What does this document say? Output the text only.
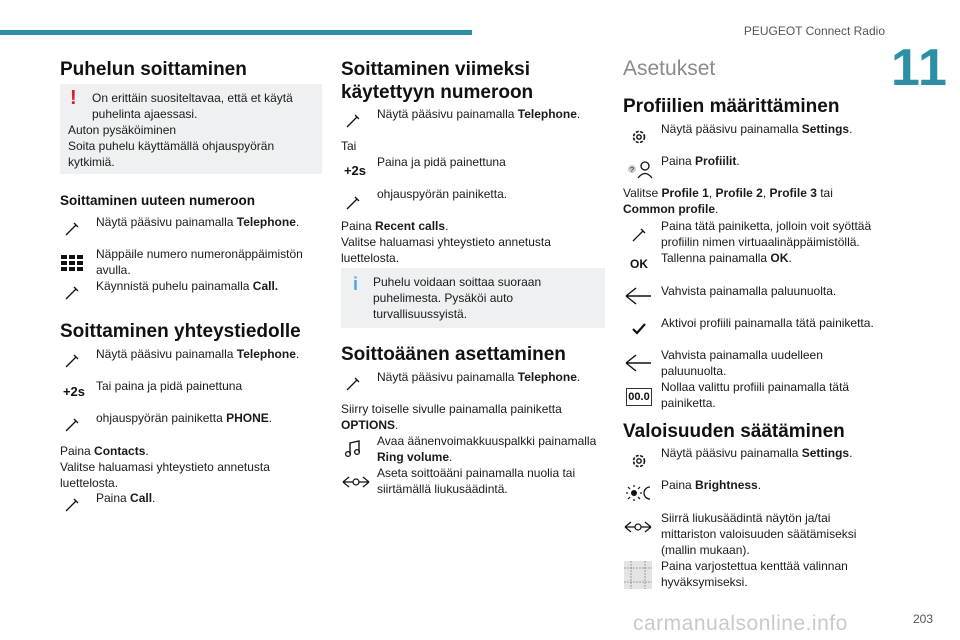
PEUGEOT Connect Radio
11
Puhelun soittaminen
!	On erittäin suositeltavaa, että et käytä puhelinta ajaessasi.
Auton pysäköiminen
Soita puhelu käyttämällä ohjauspyörän kytkimiä.
Soittaminen uuteen numeroon
Näytä pääsivu painamalla Telephone.
Näppäile numero numeronäppäimistön avulla.
Käynnistä puhelu painamalla Call.
Soittaminen yhteystiedolle
Näytä pääsivu painamalla Telephone.
+2s Tai paina ja pidä painettuna
ohjauspyörän painiketta PHONE.
Paina Contacts.
Valitse haluamasi yhteystieto annetusta luettelosta.
Paina Call.
Soittaminen viimeksi käytettyyn numeroon
Näytä pääsivu painamalla Telephone.
Tai
+2s
Paina ja pidä painettuna
ohjauspyörän painiketta.
Paina Recent calls.
Valitse haluamasi yhteystieto annetusta luettelosta.
i Puhelu voidaan soittaa suoraan puhelimesta. Pysäköi auto turvallisuussyistä.
Soittoäänen asettaminen
Näytä pääsivu painamalla Telephone.
Siirry toiselle sivulle painamalla painiketta OPTIONS.
Avaa äänenvoimakkuuspalkki painamalla Ring volume.
Aseta soittoääni painamalla nuolia tai siirtämällä liukusäädintä.
Asetukset
Profiilien määrittäminen
Näytä pääsivu painamalla Settings.
?
Paina Profiilit.
Valitse Profile 1, Profile 2, Profile 3 tai
Common profile.
Paina tätä painiketta, jolloin voit syöttää profiilin nimen virtuaalinäppäimistöllä.
OK Tallenna painamalla OK.
Vahvista painamalla paluunuolta.
Aktivoi profiili painamalla tätä painiketta.
Vahvista painamalla uudelleen paluunuolta.
00.0
Nollaa valittu profiili painamalla tätä painiketta.
Valoisuuden säätäminen
Näytä pääsivu painamalla Settings.
Paina Brightness.
Siirrä liukusäädintä näytön ja/tai mittariston valoisuuden säätämiseksi (mallin mukaan).
Paina varjostettua kenttää valinnan hyväksymiseksi.
carmanualsonline.info	203
